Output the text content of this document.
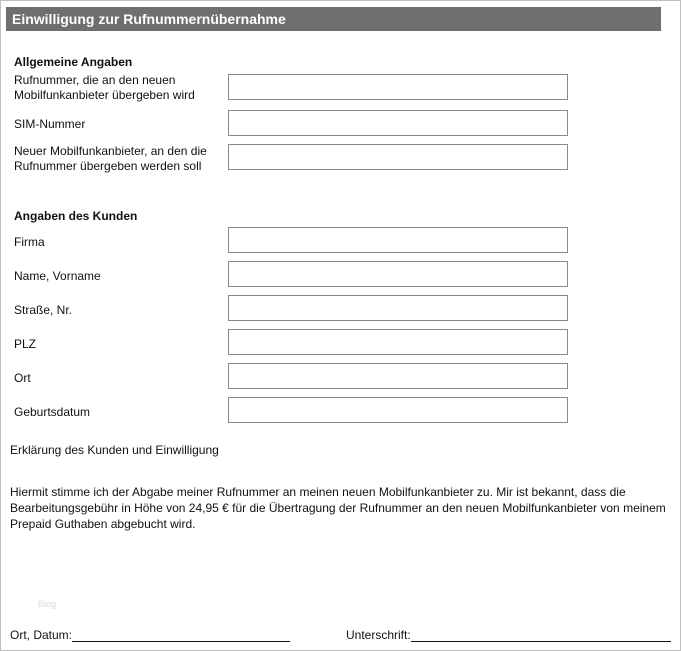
Einwilligung zur Rufnummernübernahme
Allgemeine Angaben
Rufnummer, die an den neuen Mobilfunkanbieter übergeben wird
SIM-Nummer
Neuer Mobilfunkanbieter, an den die Rufnummer übergeben werden soll
Angaben des Kunden
Firma
Name, Vorname
Straße, Nr.
PLZ
Ort
Geburtsdatum
Erklärung des Kunden und Einwilligung
Hiermit stimme ich der Abgabe meiner Rufnummer an meinen neuen Mobilfunkanbieter zu. Mir ist bekannt, dass die Bearbeitungsgebühr in Höhe von 24,95 € für die Übertragung der Rufnummer an den neuen Mobilfunkanbieter von meinem Prepaid Guthaben abgebucht wird.
Blog
Ort, Datum:	Unterschrift:
